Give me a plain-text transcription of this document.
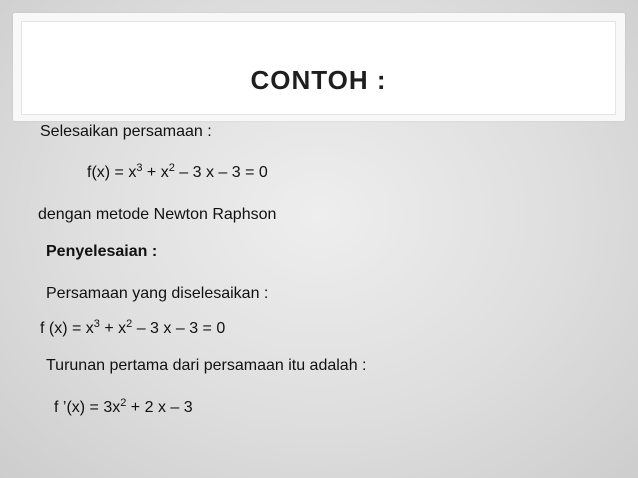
CONTOH :
Selesaikan persamaan :
$f(x) = x^3 + x^2 - 3$ x – 3 = 0
dengan metode Newton Raphson
Penyelesaian :
Persamaan yang diselesaikan :
f $(x) = x^3 + x^2 - 3$ x – 3 = 0
Turunan pertama dari persamaan itu adalah :
f ’(x) = $3x^2 + 2$ x – 3
